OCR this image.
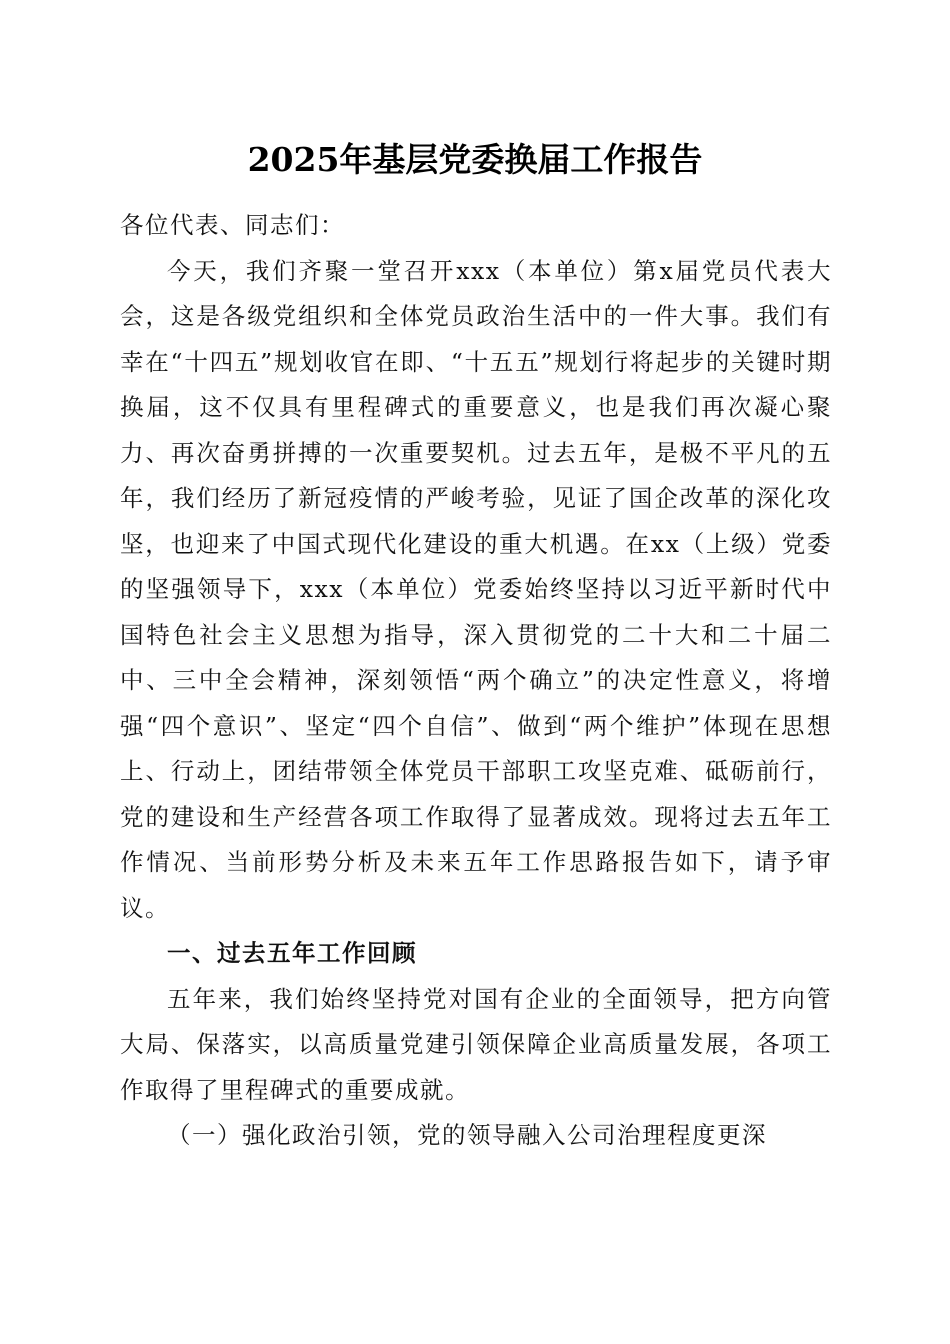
2025年基层党委换届工作报告

各位代表、同志们：

今天，我们齐聚一堂召开xxx（本单位）第x届党员代表大会，这是各级党组织和全体党员政治生活中的一件大事。我们有幸在“十四五”规划收官在即、“十五五”规划行将起步的关键时期换届，这不仅具有里程碑式的重要意义，也是我们再次凝心聚力、再次奋勇拼搏的一次重要契机。过去五年，是极不平凡的五年，我们经历了新冠疫情的严峻考验，见证了国企改革的深化攻坚，也迎来了中国式现代化建设的重大机遇。在xx（上级）党委的坚强领导下，xxx（本单位）党委始终坚持以习近平新时代中国特色社会主义思想为指导，深入贯彻党的二十大和二十届二中、三中全会精神，深刻领悟“两个确立”的决定性意义，将增强“四个意识”、坚定“四个自信”、做到“两个维护”体现在思想上、行动上，团结带领全体党员干部职工攻坚克难、砥砺前行，党的建设和生产经营各项工作取得了显著成效。现将过去五年工作情况、当前形势分析及未来五年工作思路报告如下，请予审议。

一、过去五年工作回顾

五年来，我们始终坚持党对国有企业的全面领导，把方向管大局、保落实，以高质量党建引领保障企业高质量发展，各项工作取得了里程碑式的重要成就。

（一）强化政治引领，党的领导融入公司治理程度更深
